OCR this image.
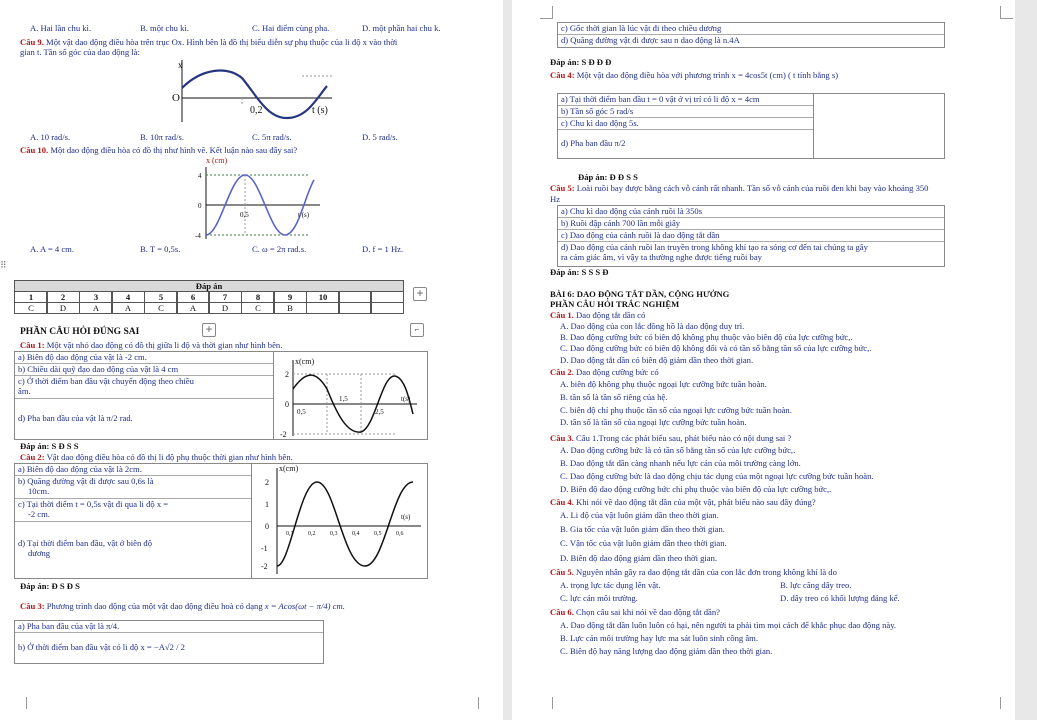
A. Hai lần chu kì.	B. một chu kì.	C. Hai điểm cùng pha.	D. một phần hai chu k.
Câu 9. Một vật dao động điều hòa trên trục Ox. Hình bên là đồ thị biểu diễn sự phụ thuộc của li độ x vào thời
gian t. Tần số góc của dao động là:
x
O
0,2	t (s)
A. 10 rad/s.	B. 10π rad/s.	C. 5π rad/s.	D. 5 rad/s.
Câu 10. Một dao động điều hòa có đồ thị như hình vẽ. Kết luận nào sau đây sai?
x (cm)
4
0
-4
0,5	t (s)
A. A = 4 cm.	B. T = 0,5s.	C. ω = 2π rad.s.	D. f = 1 Hz.
⠿
Đáp án
1	2	3	4	5	6	7	8	9	10
C	D	A	A	C	A	D	C	B
+
PHẦN CÂU HỎI ĐÚNG SAI	+	⌐
Câu 1: Một vật nhỏ dao động có đồ thị giữa li độ và thời gian như hình bên.
a) Biên độ dao động của vật là -2 cm.
b) Chiều dài quỹ đạo dao động của vật là 4 cm
c) Ở thời điểm ban đầu vật chuyển động theo chiều
âm.
d) Pha ban đầu của vật là π/2 rad.
x(cm)
2
0
-2
0,5
1,5
2,5
t(s)
Đáp án: S Đ S S
Câu 2: Vật dao động điều hòa có đồ thị li độ phụ thuộc thời gian như hình bên.
a) Biên độ dao động của vật là 2cm.
b) Quãng đường vật đi được sau 0,6s là
10cm.
c) Tại thời điểm t = 0,5s vật đi qua li độ x =
-2 cm.
d) Tại thời điểm ban đầu, vật ở biên độ
dương
x(cm)
2
1
0
-1
-2
0,1 0,2 0,3 0,4 0,5 0,6
t(s)
Đáp án: Đ S Đ S
Câu 3: Phương trình dao động của một vật dao động điều hoà có dạng x = Acos(ωt − π/4) cm.
a) Pha ban đầu của vật là π/4.
b) Ở thời điểm ban đầu vật có li độ x = −A√2 / 2
c) Gốc thời gian là lúc vật đi theo chiều dương
d) Quãng đường vật đi được sau n dao động là n.4A
Đáp án: S Đ Đ Đ
Câu 4: Một vật dao động điều hòa với phương trình x = 4cos5t (cm) ( t tính bằng s)
a) Tại thời điểm ban đầu t = 0 vật ở vị trí có li độ x = 4cm
b) Tần số góc 5 rad/s
c) Chu kì dao động 5s.
d) Pha ban đầu π/2
Đáp án: Đ Đ S S
Câu 5: Loài ruồi bay được bằng cách vỗ cánh rất nhanh. Tần số vỗ cánh của ruồi đen khi bay vào khoảng 350
Hz
a) Chu kì dao động của cánh ruồi là 350s
b) Ruồi đập cánh 700 lần mỗi giây
c) Dao động của cánh ruồi là dao động tắt dần
d) Dao động của cánh ruồi lan truyền trong không khí tạo ra sóng cơ đến tai chúng ta gây
ra cảm giác âm, vì vậy ta thường nghe được tiếng ruồi bay
Đáp án: S S S Đ
BÀI 6: DAO ĐỘNG TẮT DẦN, CỘNG HƯỞNG
PHẦN CÂU HỎI TRẮC NGHIỆM
Câu 1. Dao động tắt dần có
A. Dao động của con lắc đồng hồ là dao động duy trì.
B. Dao động cưỡng bức có biên độ không phụ thuộc vào biên độ của lực cưỡng bức,.
C. Dao động cưỡng bức có biên độ không đổi và có tần số bằng tần số của lực cưỡng bức,.
D. Dao động tắt dần có biên độ giảm dần theo thời gian.
Câu 2. Dao động cưỡng bức có
A. biên độ không phụ thuộc ngoại lực cưỡng bức tuần hoàn.
B. tần số là tần số riêng của hệ.
C. biên độ chỉ phụ thuộc tần số của ngoại lực cưỡng bức tuần hoàn.
D. tần số là tần số của ngoại lực cưỡng bức tuần hoàn.
Câu 3. Câu 1.Trong các phát biểu sau, phát biểu nào có nội dung sai ?
A. Dao động cưỡng bức là có tần số bằng tần số của lực cưỡng bức,.
B. Dao động tắt dần càng nhanh nếu lực cản của môi trường càng lớn.
C. Dao động cưỡng bức là dao động chịu tác dụng của một ngoại lực cưỡng bức tuần hoàn.
D. Biên độ dao động cưỡng bức chỉ phụ thuộc vào biên độ của lực cưỡng bức,.
Câu 4. Khi nói về dao động tắt dần của một vật, phát biểu nào sau đây đúng?
A. Li độ của vật luôn giảm dần theo thời gian.
B. Gia tốc của vật luôn giảm dần theo thời gian.
C. Vận tốc của vật luôn giảm dần theo thời gian.
D. Biên độ dao động giảm dần theo thời gian.
Câu 5. Nguyên nhân gây ra dao động tắt dần của con lắc đơn trong không khí là do
A. trọng lực tác dụng lên vật.	B. lực căng dây treo.
C. lực cản môi trường.	D. dây treo có khối lượng đáng kể.
Câu 6. Chọn câu sai khi nói về dao động tắt dần?
A. Dao động tắt dần luôn luôn có hại, nên người ta phải tìm mọi cách để khắc phục dao động này.
B. Lực cản môi trường hay lực ma sát luôn sinh công âm.
C. Biên độ hay năng lượng dao động giảm dần theo thời gian.
